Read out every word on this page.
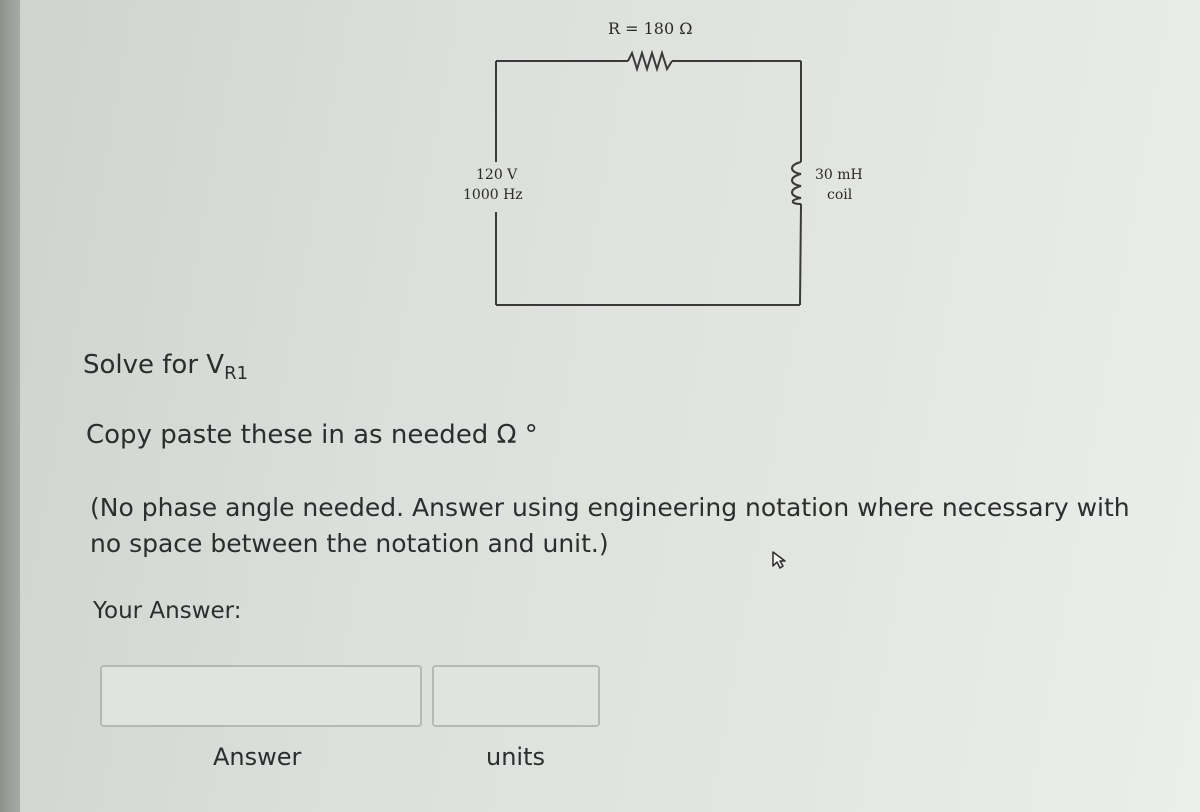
R = 180 Ω
120 V
1000 Hz
30 mH
coil
Solve for $V_{R1}$
Copy paste these in as needed Ω °
(No phase angle needed. Answer using engineering notation where necessary with
no space between the notation and unit.)
Your Answer:
Answer	units
